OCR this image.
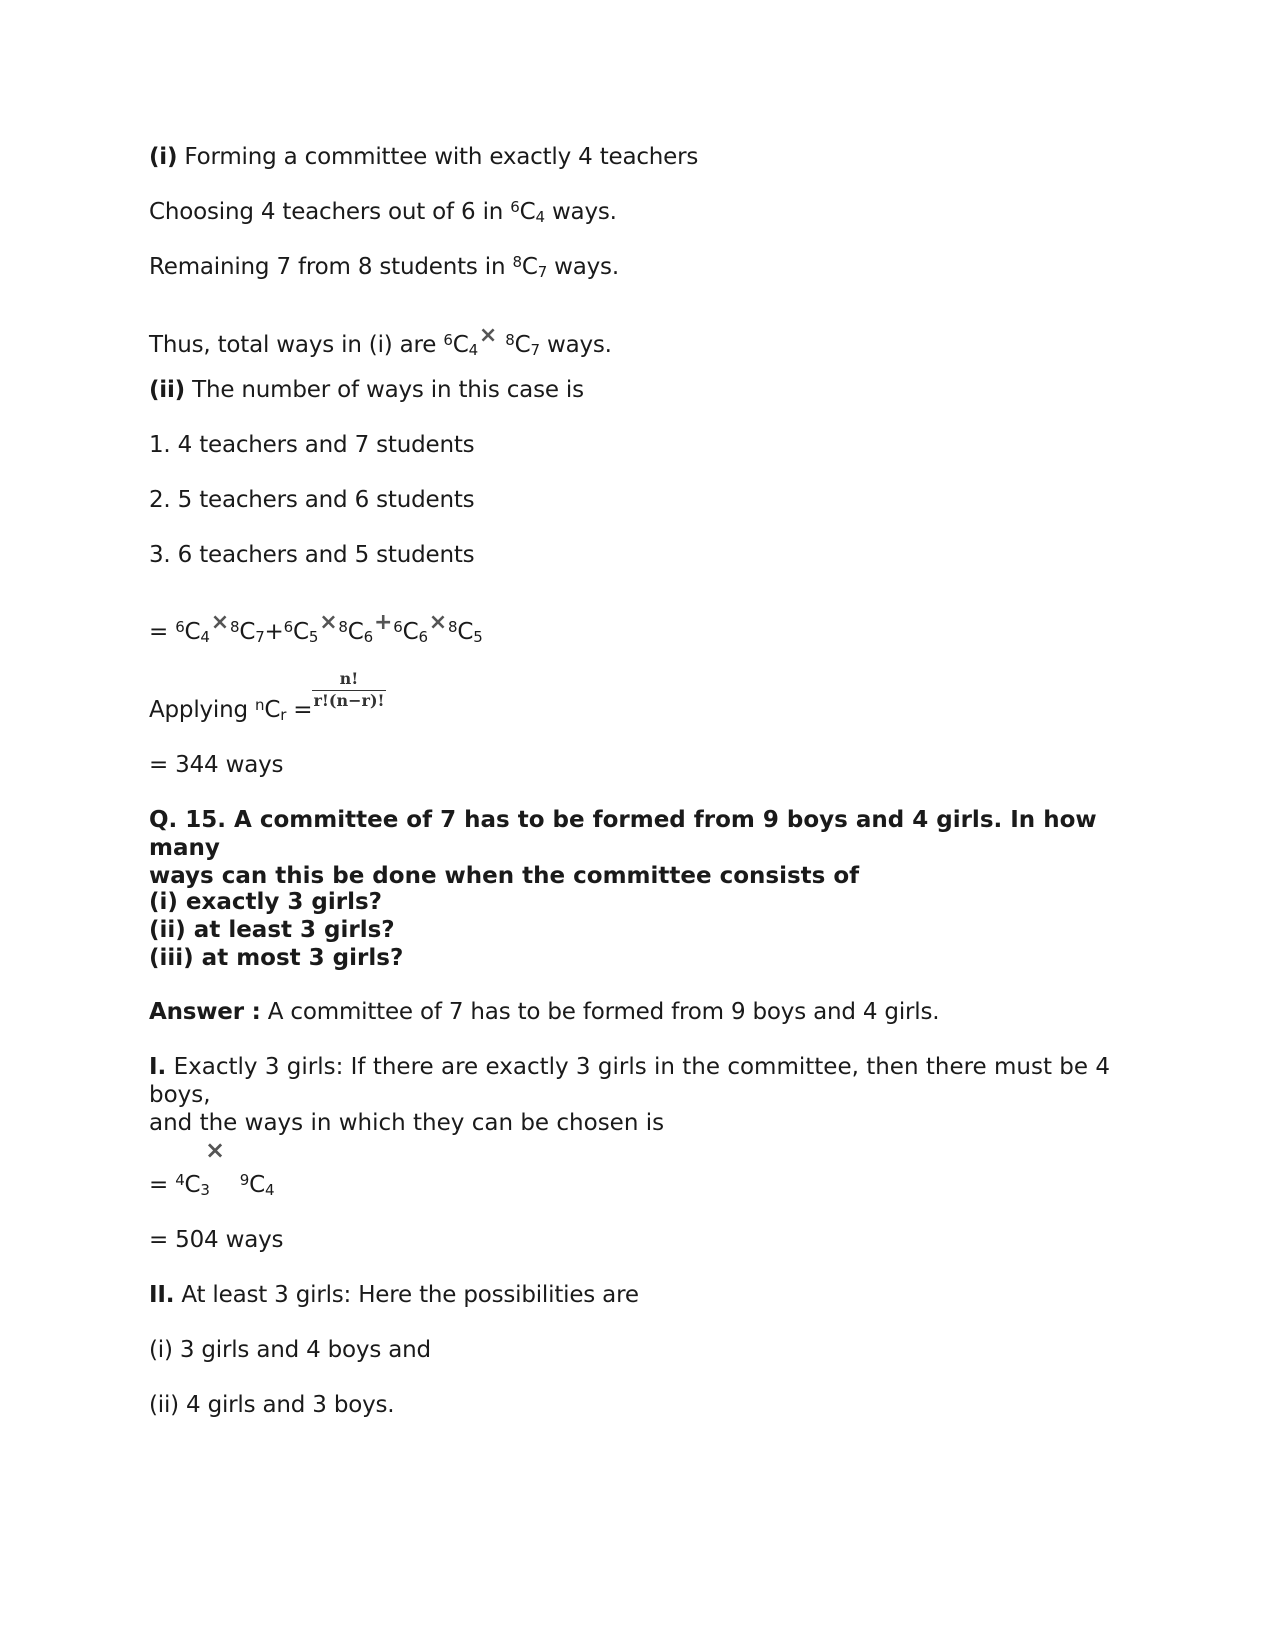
(i) Forming a committee with exactly 4 teachers
Choosing 4 teachers out of 6 in $^6C_4$ ways.
Remaining 7 from 8 students in $^8C_7$ ways.
Thus, total ways in (i) are $^6C_4\times ^8C_7$ ways.
(ii) The number of ways in this case is
1. 4 teachers and 7 students
2. 5 teachers and 6 students
3. 6 teachers and 5 students
= $^6C_4\times^8C_7+^6C_5\times^8C_6+^6C_6\times^8C_5$
Applying $^nC_r$ =
n!
r!(n−r)!
= 344 ways
Q. 15. A committee of 7 has to be formed from 9 boys and 4 girls. In how many
ways can this be done when the committee consists of
(i) exactly 3 girls?
(ii) at least 3 girls?
(iii) at most 3 girls?
Answer : A committee of 7 has to be formed from 9 boys and 4 girls.
I. Exactly 3 girls: If there are exactly 3 girls in the committee, then there must be 4 boys,
and the ways in which they can be chosen is
×
= $^4C_3^9C_4$
= 504 ways
II. At least 3 girls: Here the possibilities are
(i) 3 girls and 4 boys and
(ii) 4 girls and 3 boys.
